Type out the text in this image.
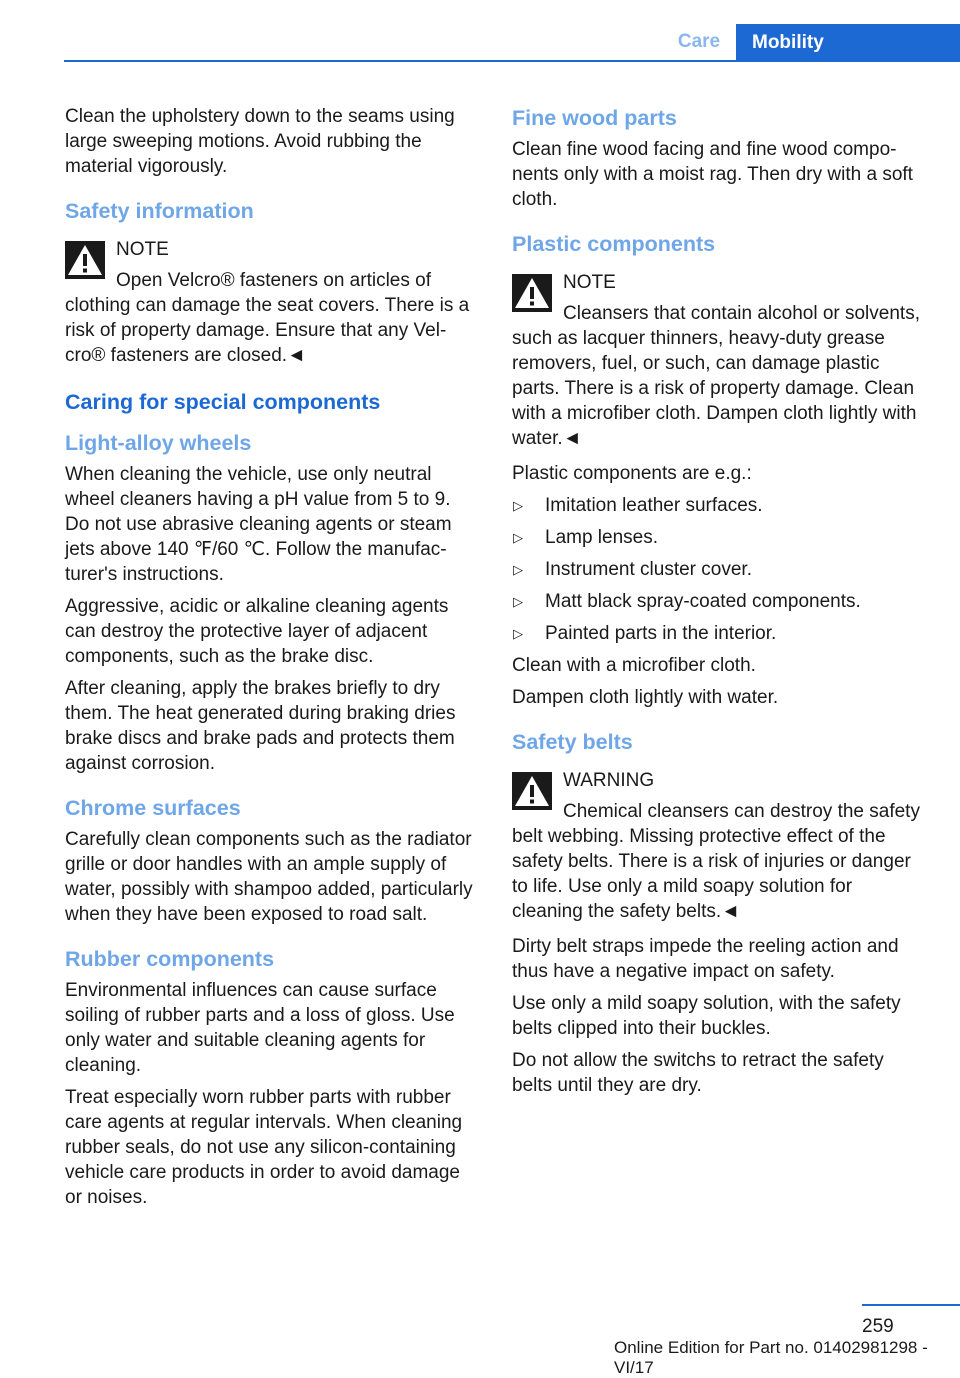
Care	Mobility

Clean the upholstery down to the seams using large sweeping motions. Avoid rubbing the material vigorously.

Safety information
NOTE

Open Velcro® fasteners on articles of clothing can damage the seat covers. There is a risk of property damage. Ensure that any Velcro® fasteners are closed.◄

Caring for special components
Light-alloy wheels

When cleaning the vehicle, use only neutral wheel cleaners having a pH value from 5 to 9. Do not use abrasive cleaning agents or steam jets above 140 ℉/60 ℃. Follow the manufacturer's instructions.

Aggressive, acidic or alkaline cleaning agents can destroy the protective layer of adjacent components, such as the brake disc.

After cleaning, apply the brakes briefly to dry them. The heat generated during braking dries brake discs and brake pads and protects them against corrosion.

Chrome surfaces

Carefully clean components such as the radiator grille or door handles with an ample supply of water, possibly with shampoo added, particularly when they have been exposed to road salt.

Rubber components

Environmental influences can cause surface soiling of rubber parts and a loss of gloss. Use only water and suitable cleaning agents for cleaning.

Treat especially worn rubber parts with rubber care agents at regular intervals. When cleaning rubber seals, do not use any silicon-containing vehicle care products in order to avoid damage or noises.

Fine wood parts

Clean fine wood facing and fine wood components only with a moist rag. Then dry with a soft cloth.

Plastic components
NOTE

Cleansers that contain alcohol or solvents, such as lacquer thinners, heavy-duty grease removers, fuel, or such, can damage plastic parts. There is a risk of property damage. Clean with a microfiber cloth. Dampen cloth lightly with water.◄

Plastic components are e.g.:

▷ Imitation leather surfaces.
▷ Lamp lenses.
▷ Instrument cluster cover.
▷ Matt black spray-coated components.
▷ Painted parts in the interior.

Clean with a microfiber cloth.

Dampen cloth lightly with water.

Safety belts
WARNING

Chemical cleansers can destroy the safety belt webbing. Missing protective effect of the safety belts. There is a risk of injuries or danger to life. Use only a mild soapy solution for cleaning the safety belts.◄

Dirty belt straps impede the reeling action and thus have a negative impact on safety.

Use only a mild soapy solution, with the safety belts clipped into their buckles.

Do not allow the switchs to retract the safety belts until they are dry.

259
Online Edition for Part no. 01402981298 - VI/17
